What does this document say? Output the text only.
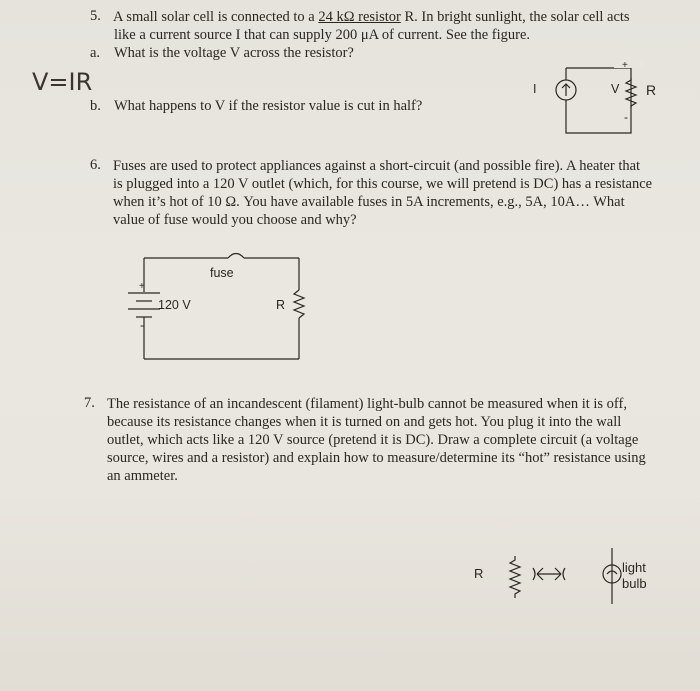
5. A small solar cell is connected to a 24 kΩ resistor R. In bright sunlight, the solar cell acts
like a current source I that can supply 200 μA of current. See the figure.
a. What is the voltage V across the resistor?
V=IR
b. What happens to V if the resistor value is cut in half?
I	V R
+
-
6. Fuses are used to protect appliances against a short-circuit (and possible fire). A heater that
is plugged into a 120 V outlet (which, for this course, we will pretend is DC) has a resistance
when it’s hot of 10 Ω. You have available fuses in 5A increments, e.g., 5A, 10A… What
value of fuse would you choose and why?
fuse
120 V	R
+
-
7. The resistance of an incandescent (filament) light-bulb cannot be measured when it is off,
because its resistance changes when it is turned on and gets hot. You plug it into the wall
outlet, which acts like a 120 V source (pretend it is DC). Draw a complete circuit (a voltage
source, wires and a resistor) and explain how to measure/determine its “hot” resistance using
an ammeter.
R	light
bulb
